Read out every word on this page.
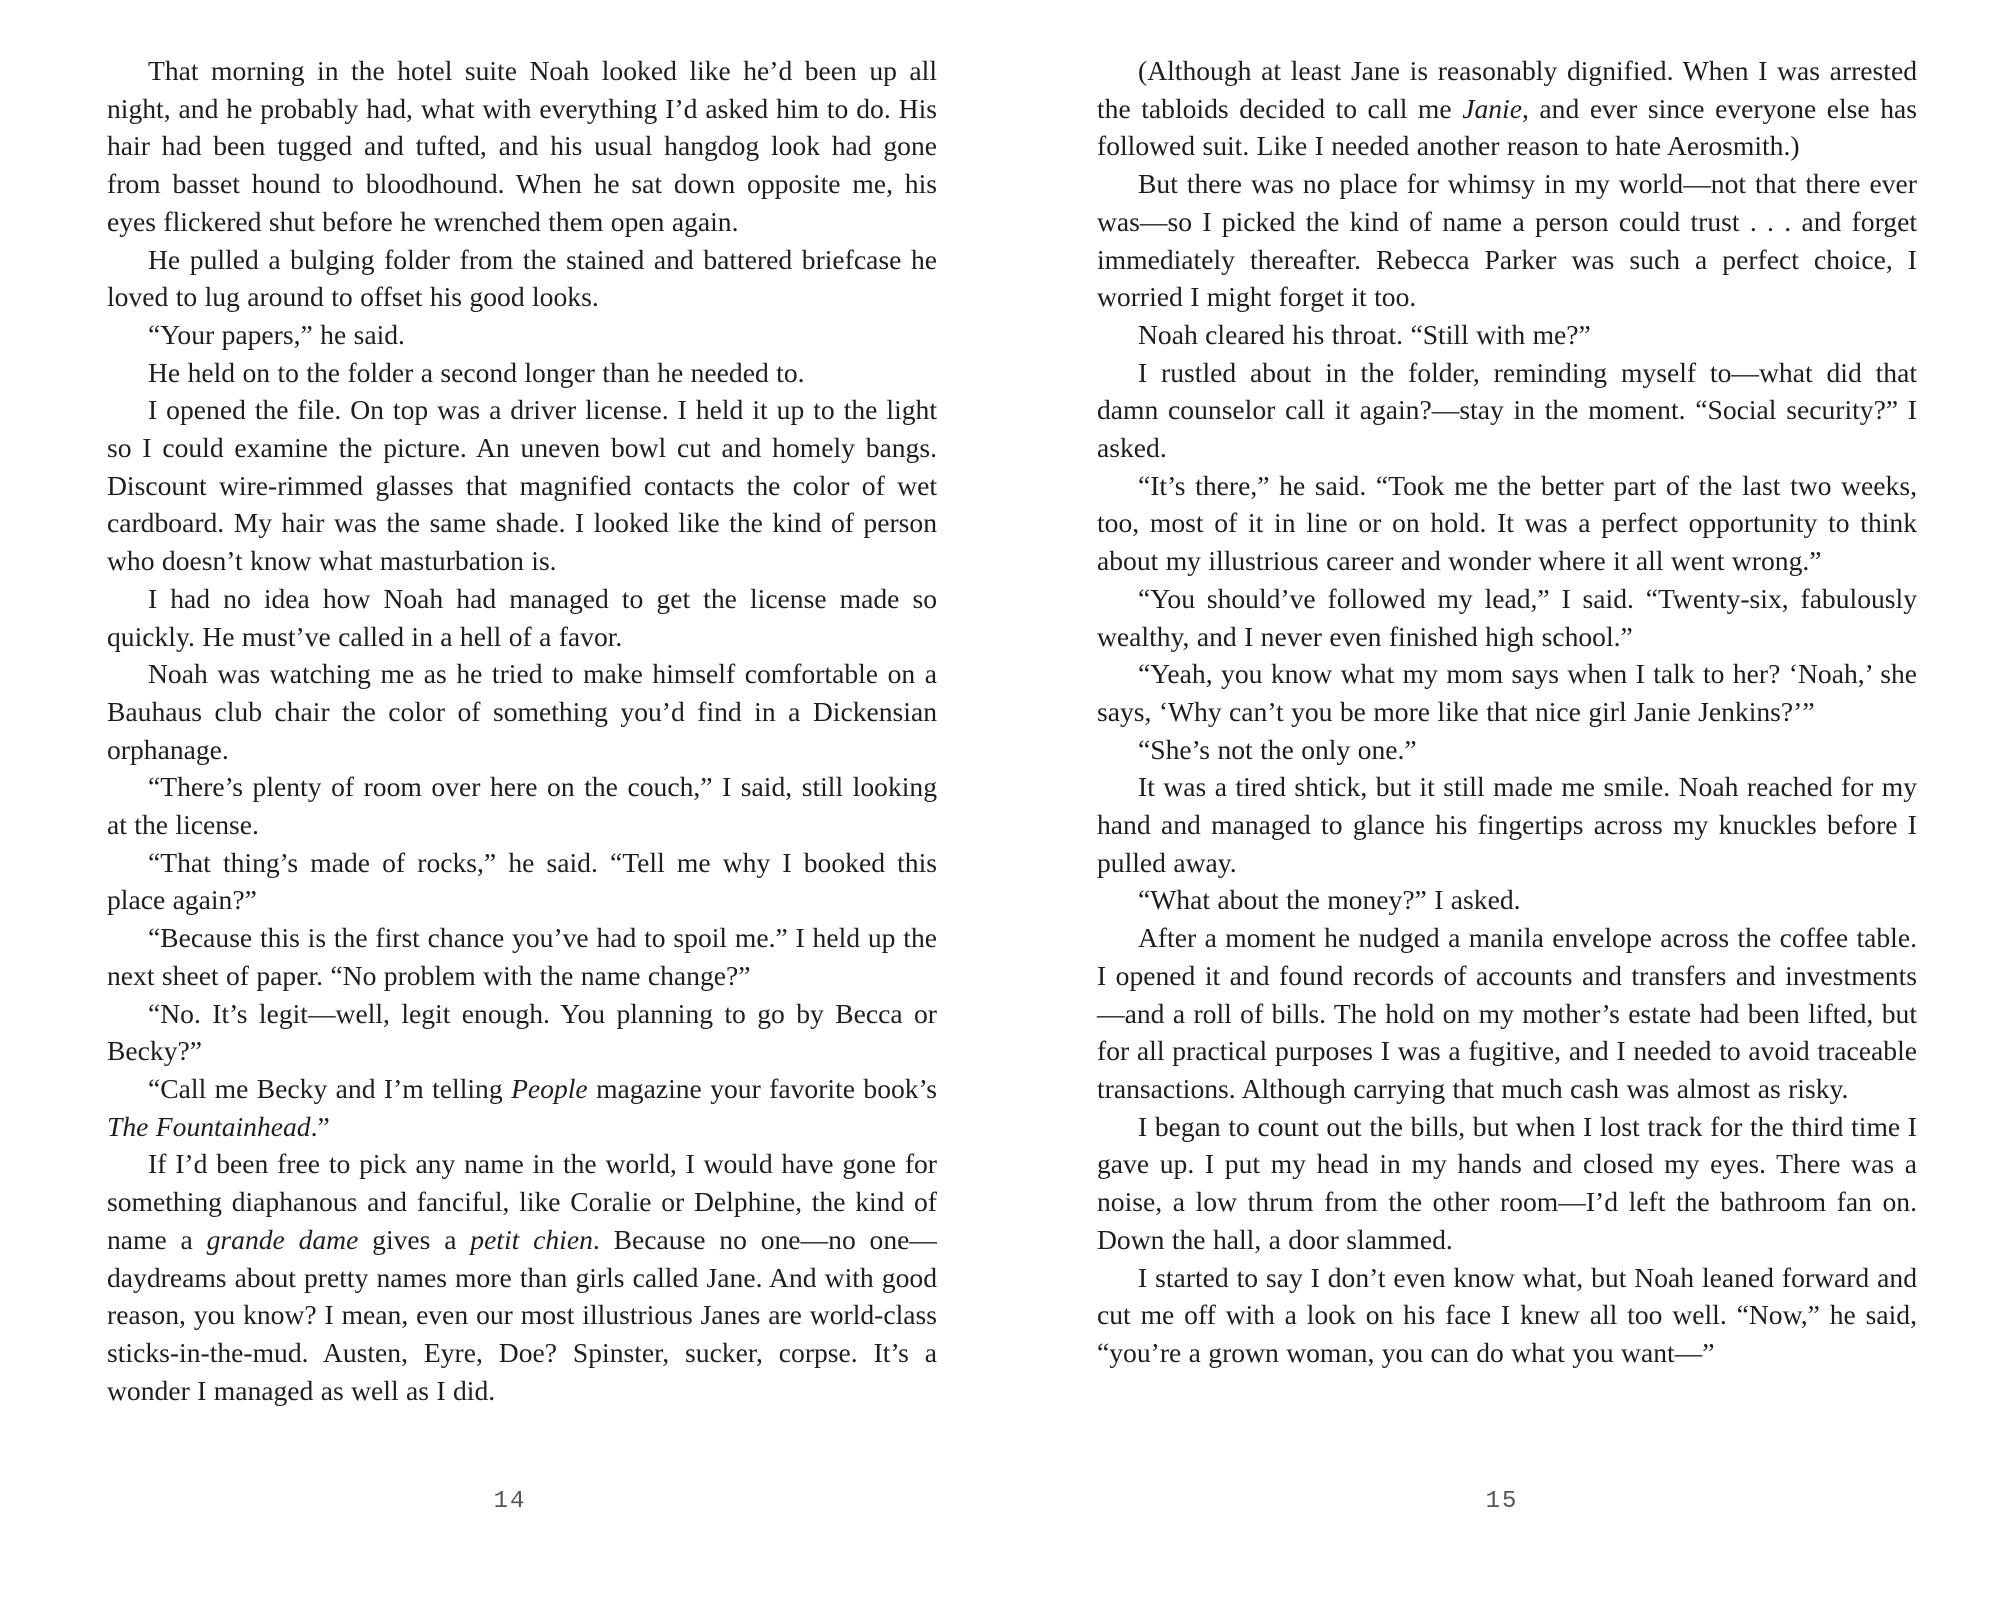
That morning in the hotel suite Noah looked like he’d been up all night, and he probably had, what with everything I’d asked him to do. His hair had been tugged and tufted, and his usual hangdog look had gone from basset hound to bloodhound. When he sat down opposite me, his eyes flickered shut before he wrenched them open again.

He pulled a bulging folder from the stained and battered briefcase he loved to lug around to offset his good looks.

“Your papers,” he said.

He held on to the folder a second longer than he needed to.

I opened the file. On top was a driver license. I held it up to the light so I could examine the picture. An uneven bowl cut and homely bangs. Discount wire-rimmed glasses that magnified contacts the color of wet cardboard. My hair was the same shade. I looked like the kind of person who doesn’t know what masturbation is.

I had no idea how Noah had managed to get the license made so quickly. He must’ve called in a hell of a favor.

Noah was watching me as he tried to make himself comfortable on a Bauhaus club chair the color of something you’d find in a Dickensian orphanage.

“There’s plenty of room over here on the couch,” I said, still looking at the license.

“That thing’s made of rocks,” he said. “Tell me why I booked this place again?”

“Because this is the first chance you’ve had to spoil me.” I held up the next sheet of paper. “No problem with the name change?”

“No. It’s legit—well, legit enough. You planning to go by Becca or Becky?”

“Call me Becky and I’m telling People magazine your favorite book’s The Fountainhead.”

If I’d been free to pick any name in the world, I would have gone for something diaphanous and fanciful, like Coralie or Delphine, the kind of name a grande dame gives a petit chien. Because no one—no one—daydreams about pretty names more than girls called Jane. And with good reason, you know? I mean, even our most illustrious Janes are world-class sticks-in-the-mud. Austen, Eyre, Doe? Spinster, sucker, corpse. It’s a wonder I managed as well as I did.

(Although at least Jane is reasonably dignified. When I was arrested the tabloids decided to call me Janie, and ever since everyone else has followed suit. Like I needed another reason to hate Aerosmith.)

But there was no place for whimsy in my world—not that there ever was—so I picked the kind of name a person could trust . . . and forget immediately thereafter. Rebecca Parker was such a perfect choice, I worried I might forget it too.

Noah cleared his throat. “Still with me?”

I rustled about in the folder, reminding myself to—what did that damn counselor call it again?—stay in the moment. “Social security?” I asked.

“It’s there,” he said. “Took me the better part of the last two weeks, too, most of it in line or on hold. It was a perfect opportunity to think about my illustrious career and wonder where it all went wrong.”

“You should’ve followed my lead,” I said. “Twenty-six, fabulously wealthy, and I never even finished high school.”

“Yeah, you know what my mom says when I talk to her? ‘Noah,’ she says, ‘Why can’t you be more like that nice girl Janie Jenkins?’”

“She’s not the only one.”

It was a tired shtick, but it still made me smile. Noah reached for my hand and managed to glance his fingertips across my knuckles before I pulled away.

“What about the money?” I asked.

After a moment he nudged a manila envelope across the coffee table. I opened it and found records of accounts and transfers and investments—and a roll of bills. The hold on my mother’s estate had been lifted, but for all practical purposes I was a fugitive, and I needed to avoid traceable transactions. Although carrying that much cash was almost as risky.

I began to count out the bills, but when I lost track for the third time I gave up. I put my head in my hands and closed my eyes. There was a noise, a low thrum from the other room—I’d left the bathroom fan on. Down the hall, a door slammed.

I started to say I don’t even know what, but Noah leaned forward and cut me off with a look on his face I knew all too well. “Now,” he said, “you’re a grown woman, you can do what you want—”

14	15
